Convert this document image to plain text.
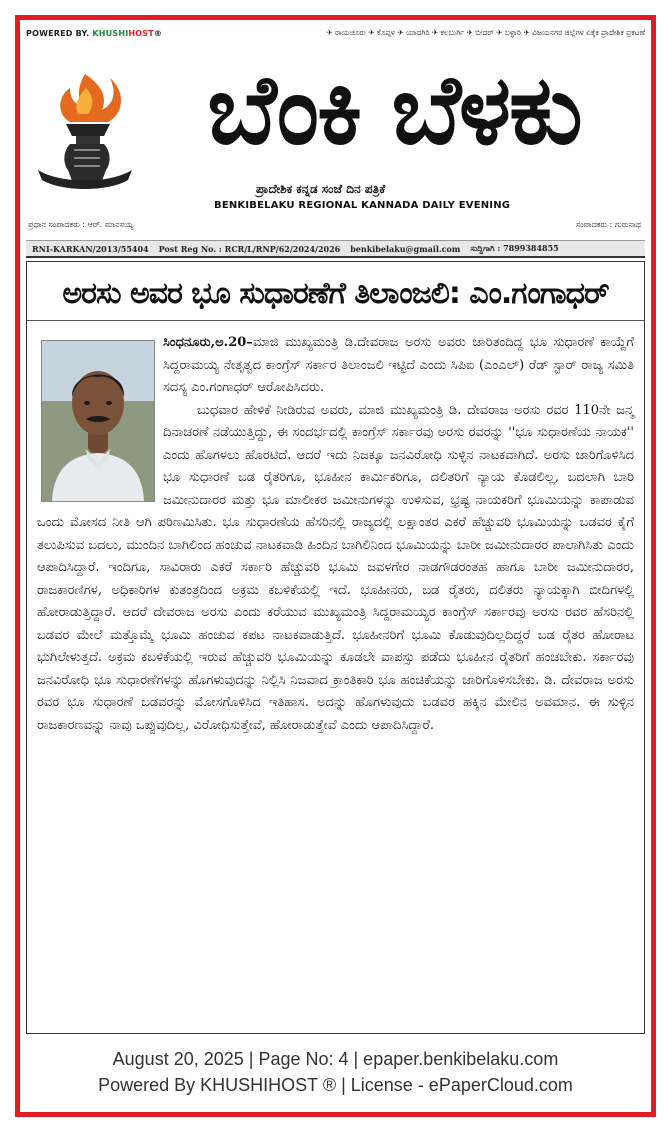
POWERED BY. KHUSHIHOST®	✈ ರಾಯಚೂರು ✈ ಕೊಪ್ಪಳ ✈ ಯಾದಗಿರಿ ✈ ಕಲಬುರ್ಗಿ ✈ ಬೀದರ್ ✈ ಬಳ್ಳಾರಿ ✈ ವಿಜಯನಗರ ಜಿಲ್ಲೆಗಳ ಏಕೈಕ ಪ್ರಾದೇಶಿಕ ಪ್ರಕಟಣೆ
ಬೆಂಕಿ ಬೆಳಕು
ಪ್ರಾದೇಶಿಕ ಕನ್ನಡ ಸಂಜೆ ದಿನ ಪತ್ರಿಕೆ
BENKIBELAKU REGIONAL KANNADA DAILY EVENING
ಪ್ರಧಾನ ಸಂಪಾದಕರು : ಆರ್. ಮಾನಸಯ್ಯ	ಸಂಪಾದಕರು : ಗುರುನಾಥ
RNI-KARKAN/2013/55404 Post Reg No. : RCR/L/RNP/62/2024/2026 benkibelaku@gmail.com ಸುದ್ದಿಗಾಗಿ : 7899384855
ಅರಸು ಅವರ ಭೂ ಸುಧಾರಣೆಗೆ ತಿಲಾಂಜಲಿ: ಎಂ.ಗಂಗಾಧರ್

ಸಿಂಧನೂರು,ಅ.20–ಮಾಜಿ ಮುಖ್ಯಮಂತ್ರಿ ಡಿ.ದೇವರಾಜ ಅರಸು ಅವರು ಜಾರಿತಂದಿದ್ದ ಭೂ ಸುಧಾರಣೆ ಕಾಯ್ದೆಗೆ ಸಿದ್ದರಾಮಯ್ಯ ನೇತೃತ್ವದ ಕಾಂಗ್ರೆಸ್ ಸರ್ಕಾರ ತಿಲಾಂಜಲಿ ಇಟ್ಟಿದೆ ಎಂದು ಸಿಪಿಐ (ಎಂಎಲ್) ರೆಡ್ ಸ್ಟಾರ್ ರಾಜ್ಯ ಸಮಿತಿ ಸದಸ್ಯ ಎಂ.ಗಂಗಾಧರ್ ಆರೋಪಿಸಿದರು.

ಬುಧವಾರ ಹೇಳಿಕೆ ನೀಡಿರುವ ಅವರು, ಮಾಜಿ ಮುಖ್ಯಮಂತ್ರಿ ಡಿ. ದೇವರಾಜ ಅರಸು ರವರ 110ನೇ ಜನ್ಮ ದಿನಾಚರಣೆ ನಡೆಯುತ್ತಿದ್ದು, ಈ ಸಂದರ್ಭದಲ್ಲಿ ಕಾಂಗ್ರೆಸ್ ಸರ್ಕಾರವು ಅರಸು ರವರನ್ನು ''ಭೂ ಸುಧಾರಣೆಯ ನಾಯಕ'' ಎಂದು ಹೊಗಳಲು ಹೊರಟಿದೆ. ಆದರೆ ಇದು ನಿಜಕ್ಕೂ ಜನವಿರೋಧಿ ಸುಳ್ಳಿನ ನಾಟಕವಾಗಿದೆ. ಅರಸು ಜಾರಿಗೊಳಿಸಿದ ಭೂ ಸುಧಾರಣೆ ಬಡ ರೈತರಿಗೂ, ಭೂಹೀನ ಕಾರ್ಮಿಕರಿಗೂ, ದಲಿತರಿಗೆ ನ್ಯಾಯ ಕೊಡಲಿಲ್ಲ, ಬದಲಾಗಿ ಬಾರಿ ಜಮೀನುದಾರರ ಮತ್ತು ಭೂ ಮಾಲೀಕರ ಜಮೀನುಗಳನ್ನು ಉಳಿಸುವ, ಭ್ರಷ್ಟ ನಾಯಕರಿಗೆ ಭೂಮಿಯನ್ನು ಕಾಪಾಡುವ ಒಂದು ಮೋಸದ ನೀತಿ ಆಗಿ ಪರಿಣಮಿಸಿತು. ಭೂ ಸುಧಾರಣೆಯ ಹೆಸರಿನಲ್ಲಿ ರಾಜ್ಯದಲ್ಲಿ ಲಕ್ಷಾಂತರ ಎಕರೆ ಹೆಚ್ಚುವರಿ ಭೂಮಿಯನ್ನು ಬಡವರ ಕೈಗೆ ತಲುಪಿಸುವ ಬದಲು, ಮುಂದಿನ ಬಾಗಿಲಿಂದ ಹಂಚುವ ನಾಟಕವಾಡಿ ಹಿಂದಿನ ಬಾಗಿಲಿನಿಂದ ಭೂಮಿಯನ್ನು ಬಾರೀ ಜಮೀನುದಾರರ ಪಾಲಾಗಿಸಿತು ಎಂದು ಆಪಾದಿಸಿದ್ದಾರೆ. ಇಂದಿಗೂ, ಸಾವಿರಾರು ಎಕರೆ ಸರ್ಕಾರಿ ಹೆಚ್ಚುವರಿ ಭೂಮಿ ಜವಳಗೇರ ನಾಡಗೌಡರಂತಹ ಹಾಗೂ ಬಾರೀ ಜಮೀನುದಾರರ, ರಾಜಕಾರಣಿಗಳ, ಅಧಿಕಾರಿಗಳ ಕುತಂತ್ರದಿಂದ ಅಕ್ರಮ ಕಬಳಿಕೆಯಲ್ಲಿ ಇದೆ. ಭೂಹೀನರು, ಬಡ ರೈತರು, ದಲಿತರು ನ್ಯಾಯಕ್ಕಾಗಿ ಬೀದಿಗಳಲ್ಲಿ ಹೋರಾಡುತ್ತಿದ್ದಾರೆ. ಆದರೆ ದೇವರಾಜ ಅರಸು ಎಂದು ಕರೆಯುವ ಮುಖ್ಯಮಂತ್ರಿ ಸಿದ್ದರಾಮಯ್ಯರ ಕಾಂಗ್ರೆಸ್ ಸರ್ಕಾರವು ಅರಸು ರವರ ಹೆಸರಿನಲ್ಲಿ ಬಡವರ ಮೇಲೆ ಮತ್ತೊಮ್ಮೆ ಭೂಮಿ ಹಂಚುವ ಕಪಟ ನಾಟಕವಾಡುತ್ತಿದೆ. ಭೂಹೀನರಿಗೆ ಭೂಮಿ ಕೊಡುವುದಿಲ್ಲದಿದ್ದರೆ ಬಡ ರೈತರ ಹೋರಾಟ ಭುಗಿಲೇಳುತ್ತದೆ. ಅಕ್ರಮ ಕಬಳಿಕೆಯಲ್ಲಿ ಇರುವ ಹೆಚ್ಚುವರಿ ಭೂಮಿಯನ್ನು ಕೂಡಲೇ ವಾಪಸ್ಸು ಪಡೆದು ಭೂಹೀನ ರೈತರಿಗೆ ಹಂಚಬೇಕು. ಸರ್ಕಾರವು ಜನವಿರೋಧಿ ಭೂ ಸುಧಾರಣೆಗಳನ್ನು ಹೊಗಳುವುದನ್ನು ನಿಲ್ಲಿಸಿ ನಿಜವಾದ ಕ್ರಾಂತಿಕಾರಿ ಭೂ ಹಂಚಿಕೆಯನ್ನು ಜಾರಿಗೊಳಿಸಬೇಕು. ಡಿ. ದೇವರಾಜ ಅರಸು ರವರ ಭೂ ಸುಧಾರಣೆ ಬಡವರನ್ನು ಮೋಸಗೊಳಿಸಿದ ಇತಿಹಾಸ. ಅದನ್ನು ಹೊಗಳುವುದು ಬಡವರ ಹಕ್ಕಿನ ಮೇಲಿನ ಅವಮಾನ. ಈ ಸುಳ್ಳಿನ ರಾಜಕಾರಣವನ್ನು ನಾವು ಒಪ್ಪುವುದಿಲ್ಲ, ವಿರೋಧಿಸುತ್ತೇವೆ, ಹೋರಾಡುತ್ತೇವೆ ಎಂದು ಆಪಾದಿಸಿದ್ದಾರೆ.

August 20, 2025 | Page No: 4 | epaper.benkibelaku.com
Powered By KHUSHIHOST ® | License - ePaperCloud.com
